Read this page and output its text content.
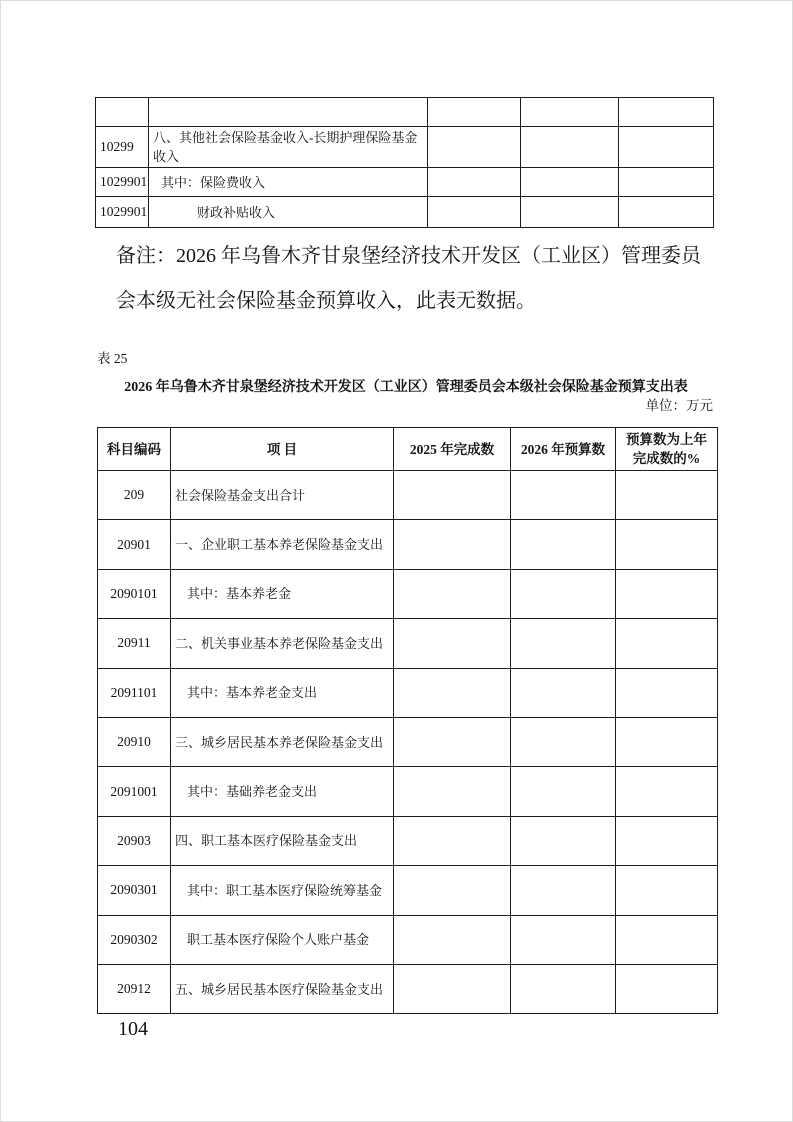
10299	八、其他社会保险基金收入-长期护理保险基金收入			
1029901	其中：保险费收入			
1029901	财政补贴收入			
备注：2026 年乌鲁木齐甘泉堡经济技术开发区（工业区）管理委员
会本级无社会保险基金预算收入，此表无数据。
表 25
2026 年乌鲁木齐甘泉堡经济技术开发区（工业区）管理委员会本级社会保险基金预算支出表
单位：万元
科目编码	项 目	2025 年完成数	2026 年预算数	预算数为上年完成数的%
209	社会保险基金支出合计			
20901	一、企业职工基本养老保险基金支出			
2090101	其中：基本养老金			
20911	二、机关事业基本养老保险基金支出			
2091101	其中：基本养老金支出			
20910	三、城乡居民基本养老保险基金支出			
2091001	其中：基础养老金支出			
20903	四、职工基本医疗保险基金支出			
2090301	其中：职工基本医疗保险统筹基金			
2090302	职工基本医疗保险个人账户基金			
20912	五、城乡居民基本医疗保险基金支出			
104
